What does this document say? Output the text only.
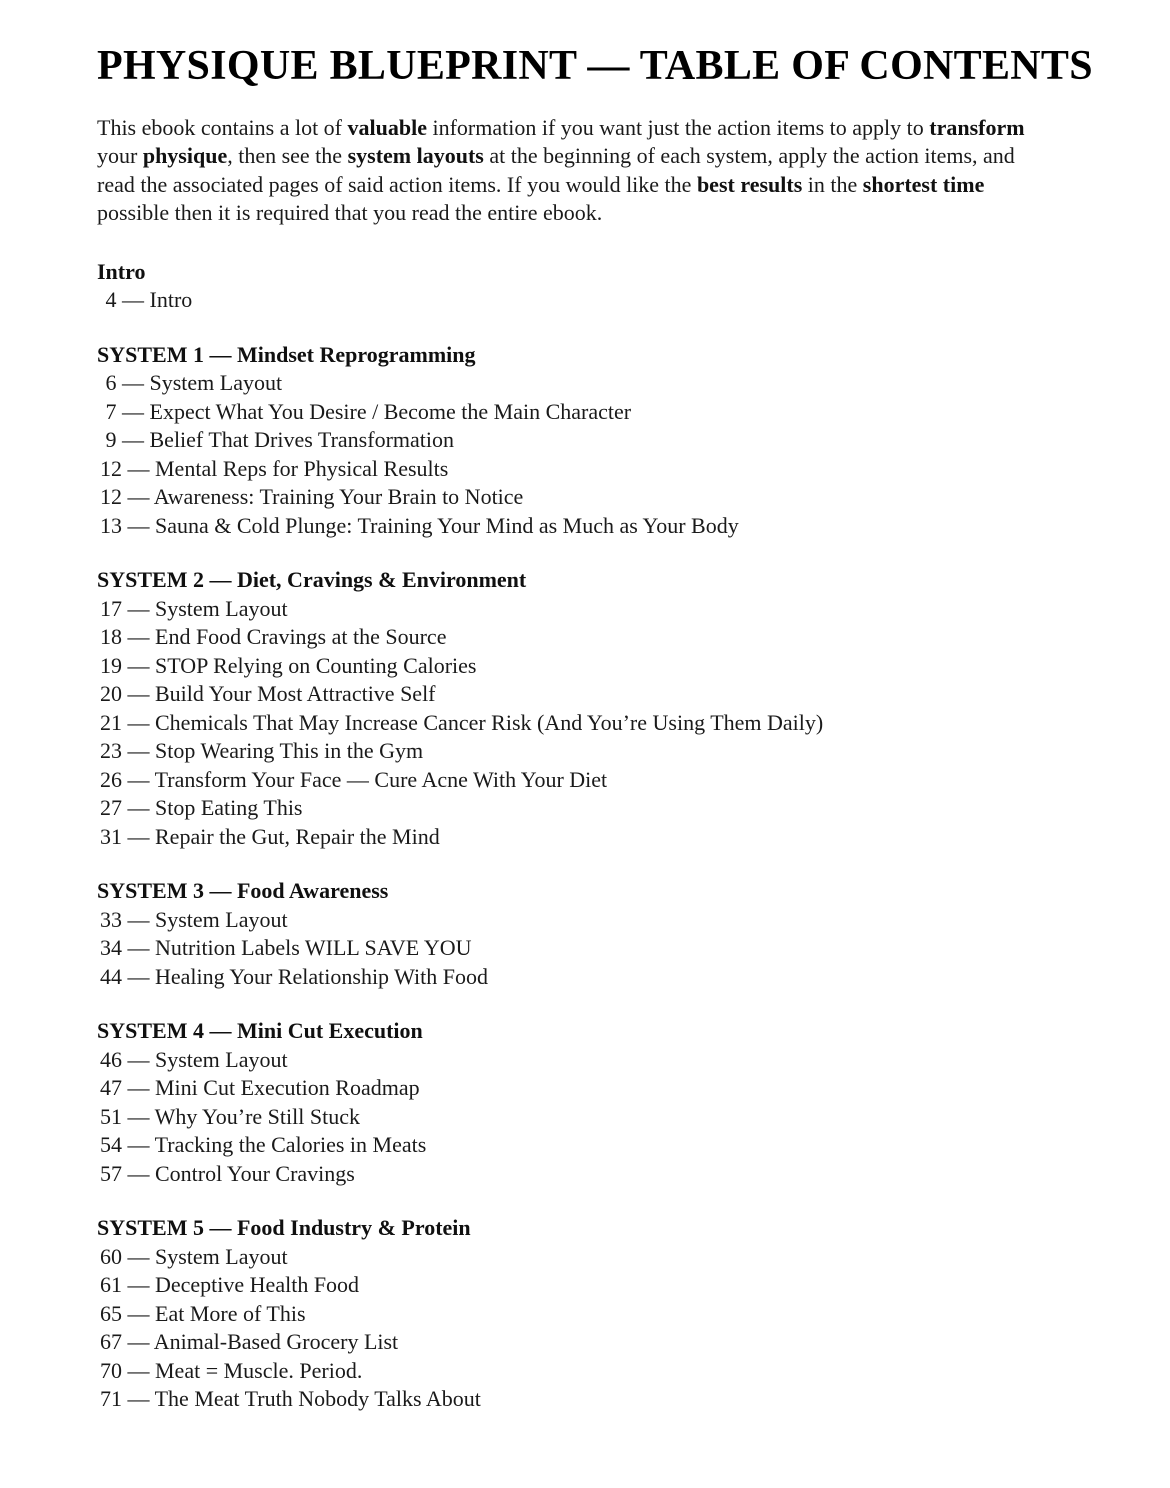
PHYSIQUE BLUEPRINT — TABLE OF CONTENTS

This ebook contains a lot of valuable information if you want just the action items to apply to transform
your physique, then see the system layouts at the beginning of each system, apply the action items, and
read the associated pages of said action items. If you would like the best results in the shortest time
possible then it is required that you read the entire ebook.

Intro
4 — Intro
SYSTEM 1 — Mindset Reprogramming
6 — System Layout
7 — Expect What You Desire / Become the Main Character
9 — Belief That Drives Transformation
12 — Mental Reps for Physical Results
12 — Awareness: Training Your Brain to Notice
13 — Sauna & Cold Plunge: Training Your Mind as Much as Your Body
SYSTEM 2 — Diet, Cravings & Environment
17 — System Layout
18 — End Food Cravings at the Source
19 — STOP Relying on Counting Calories
20 — Build Your Most Attractive Self
21 — Chemicals That May Increase Cancer Risk (And You’re Using Them Daily)
23 — Stop Wearing This in the Gym
26 — Transform Your Face — Cure Acne With Your Diet
27 — Stop Eating This
31 — Repair the Gut, Repair the Mind
SYSTEM 3 — Food Awareness
33 — System Layout
34 — Nutrition Labels WILL SAVE YOU
44 — Healing Your Relationship With Food
SYSTEM 4 — Mini Cut Execution
46 — System Layout
47 — Mini Cut Execution Roadmap
51 — Why You’re Still Stuck
54 — Tracking the Calories in Meats
57 — Control Your Cravings
SYSTEM 5 — Food Industry & Protein
60 — System Layout
61 — Deceptive Health Food
65 — Eat More of This
67 — Animal-Based Grocery List
70 — Meat = Muscle. Period.
71 — The Meat Truth Nobody Talks About
